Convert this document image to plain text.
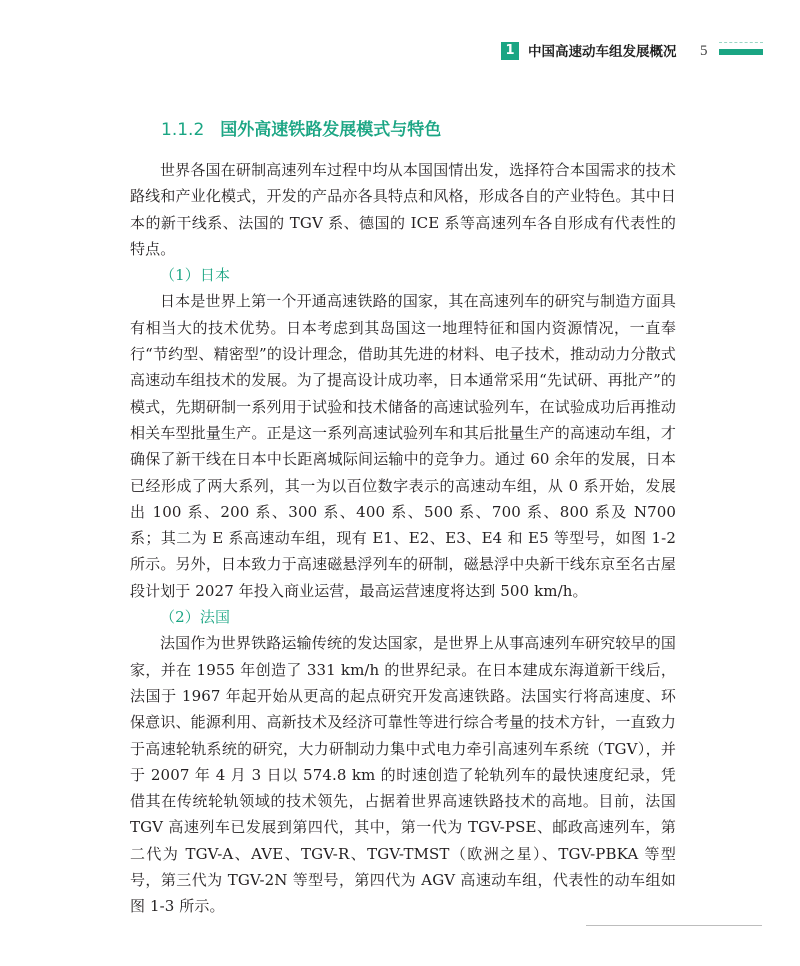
1 中国高速动车组发展概况 5
1.1.2 国外高速铁路发展模式与特色

世界各国在研制高速列车过程中均从本国国情出发，选择符合本国需求的技术路线和产业化模式，开发的产品亦各具特点和风格，形成各自的产业特色。其中日本的新干线系、法国的 TGV 系、德国的 ICE 系等高速列车各自形成有代表性的特点。

（1）日本

日本是世界上第一个开通高速铁路的国家，其在高速列车的研究与制造方面具有相当大的技术优势。日本考虑到其岛国这一地理特征和国内资源情况，一直奉行“节约型、精密型”的设计理念，借助其先进的材料、电子技术，推动动力分散式高速动车组技术的发展。为了提高设计成功率，日本通常采用“先试研、再批产”的模式，先期研制一系列用于试验和技术储备的高速试验列车，在试验成功后再推动相关车型批量生产。正是这一系列高速试验列车和其后批量生产的高速动车组，才确保了新干线在日本中长距离城际间运输中的竞争力。通过 60 余年的发展，日本已经形成了两大系列，其一为以百位数字表示的高速动车组，从 0 系开始，发展出 100 系、200 系、300 系、400 系、500 系、700 系、800 系及 N700 系；其二为 E 系高速动车组，现有 E1、E2、E3、E4 和 E5 等型号，如图 1-2 所示。另外，日本致力于高速磁悬浮列车的研制，磁悬浮中央新干线东京至名古屋段计划于 2027 年投入商业运营，最高运营速度将达到 500 km/h。

（2）法国

法国作为世界铁路运输传统的发达国家，是世界上从事高速列车研究较早的国家，并在 1955 年创造了 331 km/h 的世界纪录。在日本建成东海道新干线后，法国于 1967 年起开始从更高的起点研究开发高速铁路。法国实行将高速度、环保意识、能源利用、高新技术及经济可靠性等进行综合考量的技术方针，一直致力于高速轮轨系统的研究，大力研制动力集中式电力牵引高速列车系统（TGV），并于 2007 年 4 月 3 日以 574.8 km 的时速创造了轮轨列车的最快速度纪录，凭借其在传统轮轨领域的技术领先，占据着世界高速铁路技术的高地。目前，法国 TGV 高速列车已发展到第四代，其中，第一代为 TGV-PSE、邮政高速列车，第二代为 TGV-A、AVE、TGV-R、TGV-TMST（欧洲之星）、TGV-PBKA 等型号，第三代为 TGV-2N 等型号，第四代为 AGV 高速动车组，代表性的动车组如图 1-3 所示。
